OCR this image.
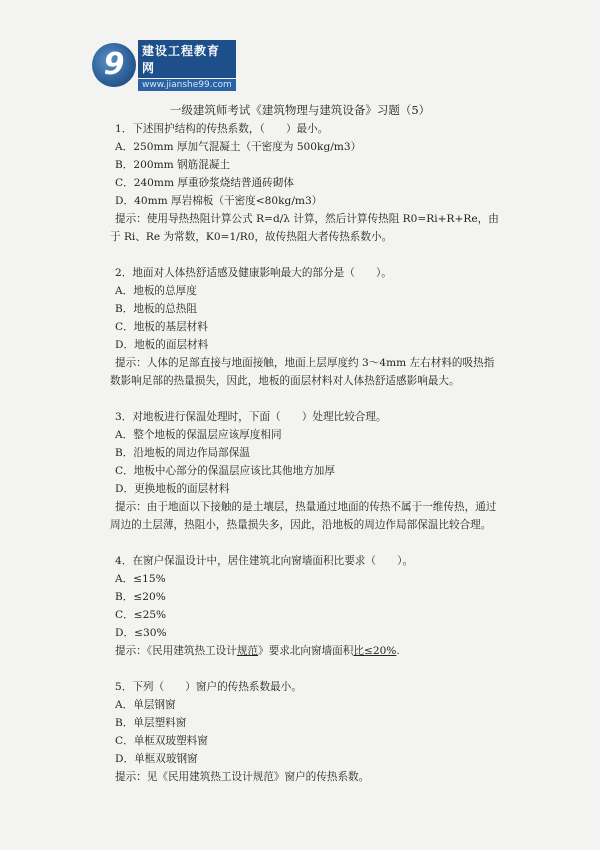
9	建设工程教育网
www.jianshe99.com
一级建筑师考试《建筑物理与建筑设备》习题（5）

1．下述围护结构的传热系数，（　　）最小。

A．250mm 厚加气混凝土（干密度为 500kg/m3）

B．200mm 钢筋混凝土

C．240mm 厚重砂浆烧结普通砖砌体

D．40mm 厚岩棉板（干密度<80kg/m3）

提示：使用导热热阻计算公式 R=d/λ 计算，然后计算传热阻 R0=Ri+R+Re，由于 Ri、Re 为常数，K0=1/R0，故传热阻大者传热系数小。

2．地面对人体热舒适感及健康影响最大的部分是（　　）。

A．地板的总厚度

B．地板的总热阻

C．地板的基层材料

D．地板的面层材料

提示：人体的足部直接与地面接触，地面上层厚度约 3～4mm 左右材料的吸热指数影响足部的热量损失，因此，地板的面层材料对人体热舒适感影响最大。

3．对地板进行保温处理时，下面（　　）处理比较合理。

A．整个地板的保温层应该厚度相同

B．沿地板的周边作局部保温

C．地板中心部分的保温层应该比其他地方加厚

D．更换地板的面层材料

提示：由于地面以下接触的是土壤层，热量通过地面的传热不属于一维传热，通过周边的土层薄，热阻小，热量损失多，因此，沿地板的周边作局部保温比较合理。

4．在窗户保温设计中，居住建筑北向窗墙面积比要求（　　）。

A．≤15%

B．≤20%

C．≤25%

D．≤30%

提示：《民用建筑热工设计规范》要求北向窗墙面积比≤20%.

5．下列（　　）窗户的传热系数最小。

A．单层钢窗

B．单层塑料窗

C．单框双玻塑料窗

D．单框双玻钢窗

提示：见《民用建筑热工设计规范》窗户的传热系数。
